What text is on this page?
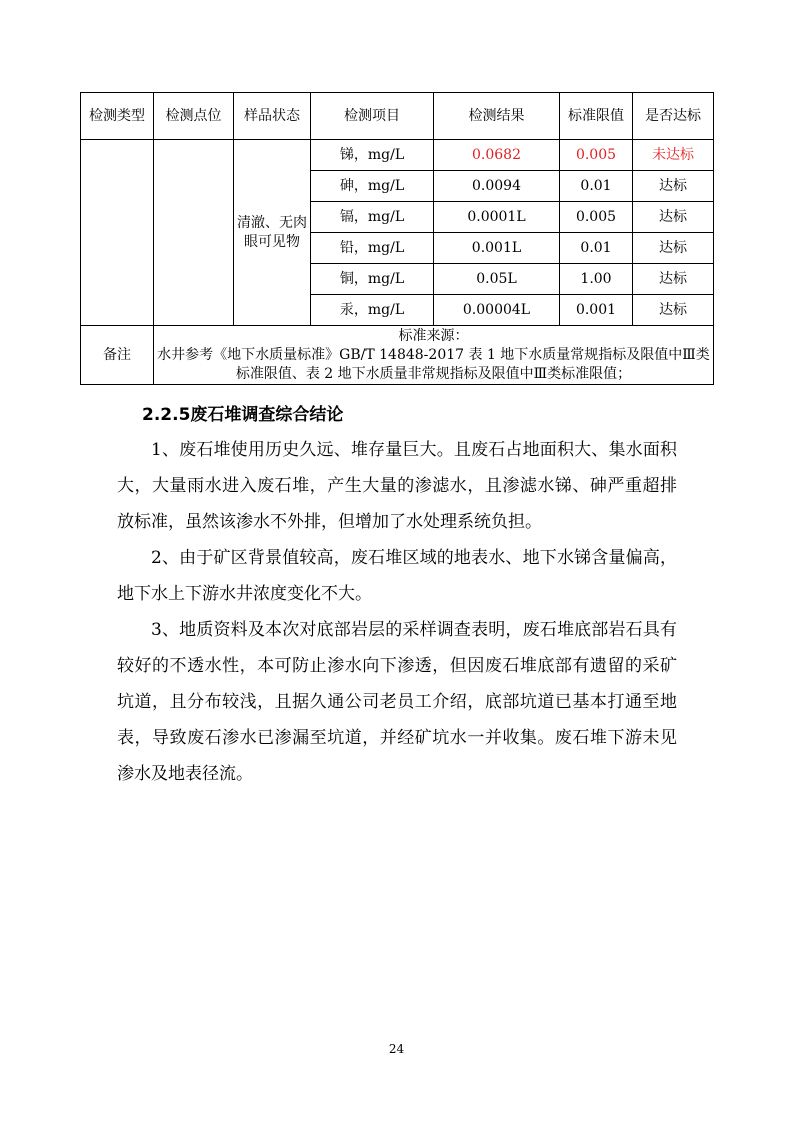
检测类型	检测点位	样品状态	检测项目	检测结果	标准限值	是否达标
		清澈、无肉眼可见物	锑，mg/L	0.0682	0.005	未达标
			砷，mg/L	0.0094	0.01	达标
			镉，mg/L	0.0001L	0.005	达标
			铅，mg/L	0.001L	0.01	达标
			铜，mg/L	0.05L	1.00	达标
			汞，mg/L	0.00004L	0.001	达标
备注	标准来源：
水井参考《地下水质量标准》GB/T 14848-2017 表 1 地下水质量常规指标及限值中Ⅲ类标准限值、表 2 地下水质量非常规指标及限值中Ⅲ类标准限值；					
2.2.5废石堆调查综合结论

1、废石堆使用历史久远、堆存量巨大。且废石占地面积大、集水面积大，大量雨水进入废石堆，产生大量的渗滤水，且渗滤水锑、砷严重超排放标准，虽然该渗水不外排，但增加了水处理系统负担。

2、由于矿区背景值较高，废石堆区域的地表水、地下水锑含量偏高，地下水上下游水井浓度变化不大。

3、地质资料及本次对底部岩层的采样调查表明，废石堆底部岩石具有较好的不透水性，本可防止渗水向下渗透，但因废石堆底部有遗留的采矿坑道，且分布较浅，且据久通公司老员工介绍，底部坑道已基本打通至地表，导致废石渗水已渗漏至坑道，并经矿坑水一并收集。废石堆下游未见渗水及地表径流。

24
